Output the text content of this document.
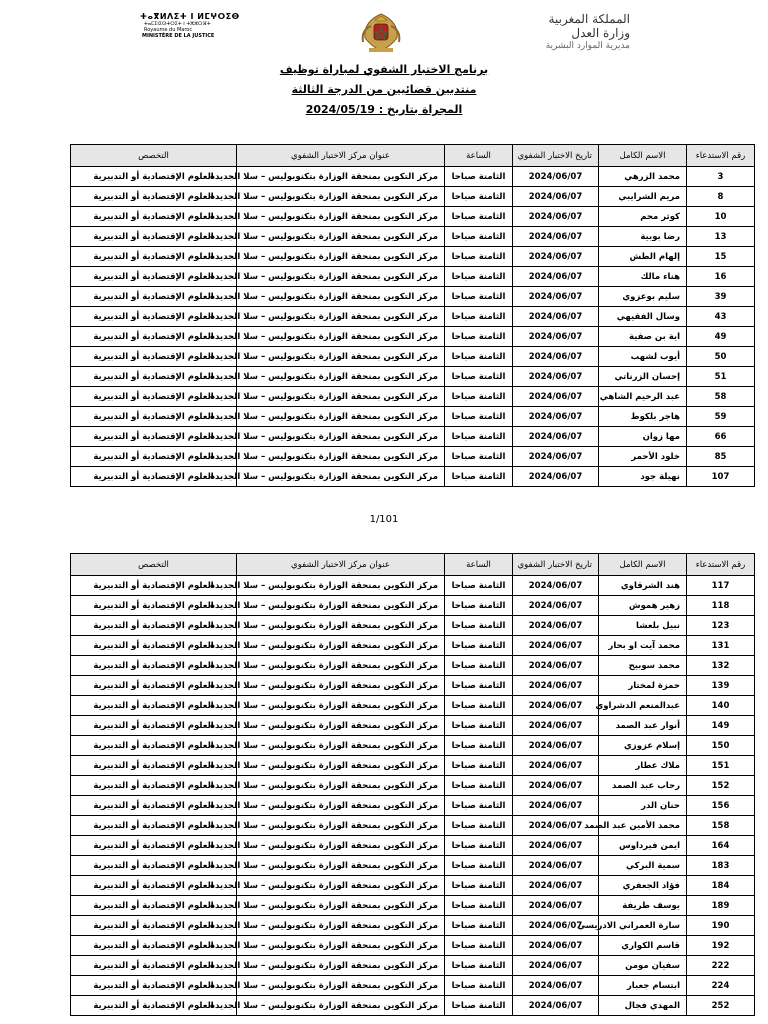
ⵜⴰⴳⵍⴷⵉⵜ ⵏ ⵍⵎⵖⵔⵉⴱ
ⵜⴰⵎⵉⵏⵉⵙⵜⵔⵉⵜ ⵏ ⵜⵣⵣⵔⴼⵜ
Royaume du Maroc
MINISTÈRE DE LA JUSTICE
المملكة المغربية
وزارة العدل
مديرية الموارد البشرية
برنامج الاختبار الشفوي لمباراة توظيف
منتدبين قضائيين من الدرجة الثالثة
المجراة بتاريخ : 2024/05/19
رقم الاستدعاء	الاسم الكامل	تاريخ الاختبار الشفوي	الساعة	عنوان مركز الاختبار الشفوي	التخصص
3	محمد الزرهي	2024/06/07	الثامنة صباحا	مركز التكوين بمنحقة الوزارة بتكنوبوليس – سلا الجديدة	العلوم الإقتصادية أو التدبيرية
8	مريم الشرايبي	2024/06/07	الثامنة صباحا	مركز التكوين بمنحقة الوزارة بتكنوبوليس – سلا الجديدة	العلوم الإقتصادية أو التدبيرية
10	كوثر محم	2024/06/07	الثامنة صباحا	مركز التكوين بمنحقة الوزارة بتكنوبوليس – سلا الجديدة	العلوم الإقتصادية أو التدبيرية
13	رضا بوبية	2024/06/07	الثامنة صباحا	مركز التكوين بمنحقة الوزارة بتكنوبوليس – سلا الجديدة	العلوم الإقتصادية أو التدبيرية
15	إلهام الطش	2024/06/07	الثامنة صباحا	مركز التكوين بمنحقة الوزارة بتكنوبوليس – سلا الجديدة	العلوم الإقتصادية أو التدبيرية
16	هناء مالك	2024/06/07	الثامنة صباحا	مركز التكوين بمنحقة الوزارة بتكنوبوليس – سلا الجديدة	العلوم الإقتصادية أو التدبيرية
39	سليم بوعزوي	2024/06/07	الثامنة صباحا	مركز التكوين بمنحقة الوزارة بتكنوبوليس – سلا الجديدة	العلوم الإقتصادية أو التدبيرية
43	وسال الفقيهي	2024/06/07	الثامنة صباحا	مركز التكوين بمنحقة الوزارة بتكنوبوليس – سلا الجديدة	العلوم الإقتصادية أو التدبيرية
49	اية بن صفية	2024/06/07	الثامنة صباحا	مركز التكوين بمنحقة الوزارة بتكنوبوليس – سلا الجديدة	العلوم الإقتصادية أو التدبيرية
50	أيوب لشهب	2024/06/07	الثامنة صباحا	مركز التكوين بمنحقة الوزارة بتكنوبوليس – سلا الجديدة	العلوم الإقتصادية أو التدبيرية
51	إحسان الزرناتي	2024/06/07	الثامنة صباحا	مركز التكوين بمنحقة الوزارة بتكنوبوليس – سلا الجديدة	العلوم الإقتصادية أو التدبيرية
58	عبد الرحيم الشاهي	2024/06/07	الثامنة صباحا	مركز التكوين بمنحقة الوزارة بتكنوبوليس – سلا الجديدة	العلوم الإقتصادية أو التدبيرية
59	هاجر بلكوط	2024/06/07	الثامنة صباحا	مركز التكوين بمنحقة الوزارة بتكنوبوليس – سلا الجديدة	العلوم الإقتصادية أو التدبيرية
66	مها زوان	2024/06/07	الثامنة صباحا	مركز التكوين بمنحقة الوزارة بتكنوبوليس – سلا الجديدة	العلوم الإقتصادية أو التدبيرية
85	خلود الأحمر	2024/06/07	الثامنة صباحا	مركز التكوين بمنحقة الوزارة بتكنوبوليس – سلا الجديدة	العلوم الإقتصادية أو التدبيرية
107	نهيلة جود	2024/06/07	الثامنة صباحا	مركز التكوين بمنحقة الوزارة بتكنوبوليس – سلا الجديدة	العلوم الإقتصادية أو التدبيرية
1/101
رقم الاستدعاء	الاسم الكامل	تاريخ الاختبار الشفوي	الساعة	عنوان مركز الاختبار الشفوي	التخصص
117	هند الشرقاوي	2024/06/07	الثامنة صباحا	مركز التكوين بمنحقة الوزارة بتكنوبوليس – سلا الجديدة	العلوم الإقتصادية أو التدبيرية
118	زهير هموش	2024/06/07	الثامنة صباحا	مركز التكوين بمنحقة الوزارة بتكنوبوليس – سلا الجديدة	العلوم الإقتصادية أو التدبيرية
123	نبيل بلعشا	2024/06/07	الثامنة صباحا	مركز التكوين بمنحقة الوزارة بتكنوبوليس – سلا الجديدة	العلوم الإقتصادية أو التدبيرية
131	محمد آيت او بحار	2024/06/07	الثامنة صباحا	مركز التكوين بمنحقة الوزارة بتكنوبوليس – سلا الجديدة	العلوم الإقتصادية أو التدبيرية
132	محمد سوبيح	2024/06/07	الثامنة صباحا	مركز التكوين بمنحقة الوزارة بتكنوبوليس – سلا الجديدة	العلوم الإقتصادية أو التدبيرية
139	حمزة لمختار	2024/06/07	الثامنة صباحا	مركز التكوين بمنحقة الوزارة بتكنوبوليس – سلا الجديدة	العلوم الإقتصادية أو التدبيرية
140	عبدالمنعم الدشراوي	2024/06/07	الثامنة صباحا	مركز التكوين بمنحقة الوزارة بتكنوبوليس – سلا الجديدة	العلوم الإقتصادية أو التدبيرية
149	أنوار عبد الصمد	2024/06/07	الثامنة صباحا	مركز التكوين بمنحقة الوزارة بتكنوبوليس – سلا الجديدة	العلوم الإقتصادية أو التدبيرية
150	إسلام عزوزي	2024/06/07	الثامنة صباحا	مركز التكوين بمنحقة الوزارة بتكنوبوليس – سلا الجديدة	العلوم الإقتصادية أو التدبيرية
151	ملاك عطار	2024/06/07	الثامنة صباحا	مركز التكوين بمنحقة الوزارة بتكنوبوليس – سلا الجديدة	العلوم الإقتصادية أو التدبيرية
152	رحاب عبد الصمد	2024/06/07	الثامنة صباحا	مركز التكوين بمنحقة الوزارة بتكنوبوليس – سلا الجديدة	العلوم الإقتصادية أو التدبيرية
156	حنان الدر	2024/06/07	الثامنة صباحا	مركز التكوين بمنحقة الوزارة بتكنوبوليس – سلا الجديدة	العلوم الإقتصادية أو التدبيرية
158	محمد الأمين عبد الصمد	2024/06/07	الثامنة صباحا	مركز التكوين بمنحقة الوزارة بتكنوبوليس – سلا الجديدة	العلوم الإقتصادية أو التدبيرية
164	ايمن فيرداوس	2024/06/07	الثامنة صباحا	مركز التكوين بمنحقة الوزارة بتكنوبوليس – سلا الجديدة	العلوم الإقتصادية أو التدبيرية
183	سمية البركي	2024/06/07	الثامنة صباحا	مركز التكوين بمنحقة الوزارة بتكنوبوليس – سلا الجديدة	العلوم الإقتصادية أو التدبيرية
184	فؤاد الجعفري	2024/06/07	الثامنة صباحا	مركز التكوين بمنحقة الوزارة بتكنوبوليس – سلا الجديدة	العلوم الإقتصادية أو التدبيرية
189	يوسف طريفة	2024/06/07	الثامنة صباحا	مركز التكوين بمنحقة الوزارة بتكنوبوليس – سلا الجديدة	العلوم الإقتصادية أو التدبيرية
190	سارة العمراني الادريسي	2024/06/07	الثامنة صباحا	مركز التكوين بمنحقة الوزارة بتكنوبوليس – سلا الجديدة	العلوم الإقتصادية أو التدبيرية
192	قاسم الكواري	2024/06/07	الثامنة صباحا	مركز التكوين بمنحقة الوزارة بتكنوبوليس – سلا الجديدة	العلوم الإقتصادية أو التدبيرية
222	سفيان مومن	2024/06/07	الثامنة صباحا	مركز التكوين بمنحقة الوزارة بتكنوبوليس – سلا الجديدة	العلوم الإقتصادية أو التدبيرية
224	ابتسام جعبار	2024/06/07	الثامنة صباحا	مركز التكوين بمنحقة الوزارة بتكنوبوليس – سلا الجديدة	العلوم الإقتصادية أو التدبيرية
252	المهدي فجال	2024/06/07	الثامنة صباحا	مركز التكوين بمنحقة الوزارة بتكنوبوليس – سلا الجديدة	العلوم الإقتصادية أو التدبيرية
